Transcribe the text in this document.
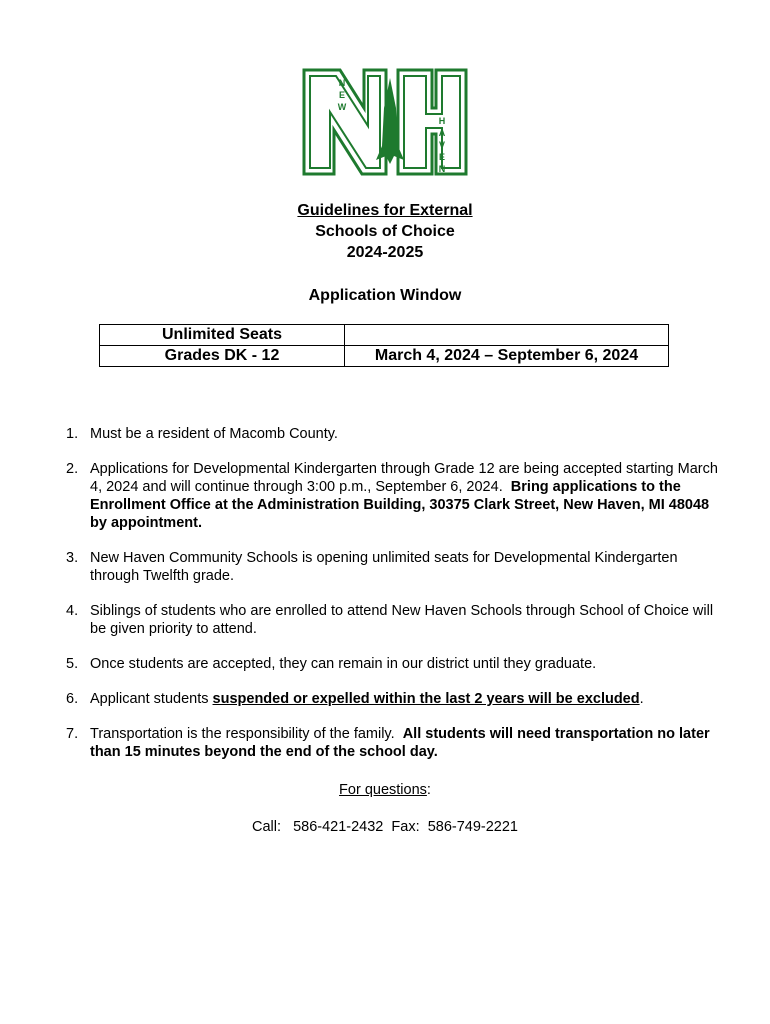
N
E
W
H
A
V
E
N
Guidelines for External
Schools of Choice
2024-2025
Application Window
Unlimited Seats	
Grades DK - 12	March 4, 2024 – September 6, 2024
1. Must be a resident of Macomb County.
2. Applications for Developmental Kindergarten through Grade 12 are being accepted starting March 4, 2024 and will continue through 3:00 p.m., September 6, 2024. Bring applications to the Enrollment Office at the Administration Building, 30375 Clark Street, New Haven, MI 48048 by appointment.
3. New Haven Community Schools is opening unlimited seats for Developmental Kindergarten through Twelfth grade.
4. Siblings of students who are enrolled to attend New Haven Schools through School of Choice will be given priority to attend.
5. Once students are accepted, they can remain in our district until they graduate.
6. Applicant students suspended or expelled within the last 2 years will be excluded.
7. Transportation is the responsibility of the family. All students will need transportation no later than 15 minutes beyond the end of the school day.
For questions:
Call:   586-421-2432  Fax:  586-749-2221
